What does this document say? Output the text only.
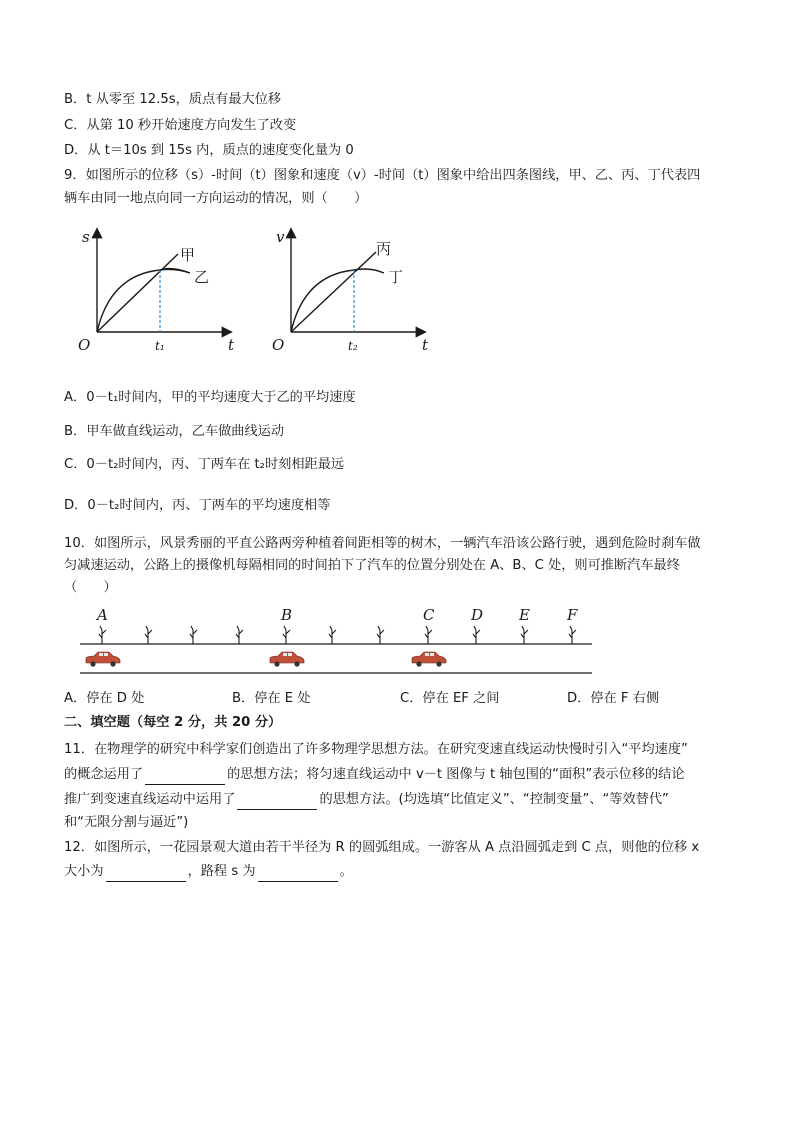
B．t 从零至 12.5s，质点有最大位移
C．从第 10 秒开始速度方向发生了改变
D．从 t＝10s 到 15s 内，质点的速度变化量为 0
9．如图所示的位移（s）-时间（t）图象和速度（v）-时间（t）图象中给出四条图线，甲、乙、丙、丁代表四
辆车由同一地点向同一方向运动的情况，则（　　）
s
t
O	t₁
甲
乙
v
t
O	t₂
丙
丁
A．0－t₁时间内，甲的平均速度大于乙的平均速度
B．甲车做直线运动，乙车做曲线运动
C．0－t₂时间内，丙、丁两车在 t₂时刻相距最远
D．0－t₂时间内，丙、丁两车的平均速度相等
10．如图所示，风景秀丽的平直公路两旁种植着间距相等的树木，一辆汽车沿该公路行驶，遇到危险时刹车做
匀减速运动，公路上的摄像机每隔相同的时间拍下了汽车的位置分别处在 A、B、C 处，则可推断汽车最终
（　　）
A	B	C D E F
A．停在 D 处	B．停在 E 处	C．停在 EF 之间	D．停在 F 右侧
二、填空题（每空 2 分，共 20 分）
11．在物理学的研究中科学家们创造出了许多物理学思想方法。在研究变速直线运动快慢时引入“平均速度”
的概念运用了	的思想方法；将匀速直线运动中 v－t 图像与 t 轴包围的“面积”表示位移的结论
推广到变速直线运动中运用了	的思想方法。(均选填“比值定义”、“控制变量”、“等效替代”
和“无限分割与逼近”)
12．如图所示，一花园景观大道由若干半径为 R 的圆弧组成。一游客从 A 点沿圆弧走到 C 点，则他的位移 x
大小为	，路程 s 为	。
